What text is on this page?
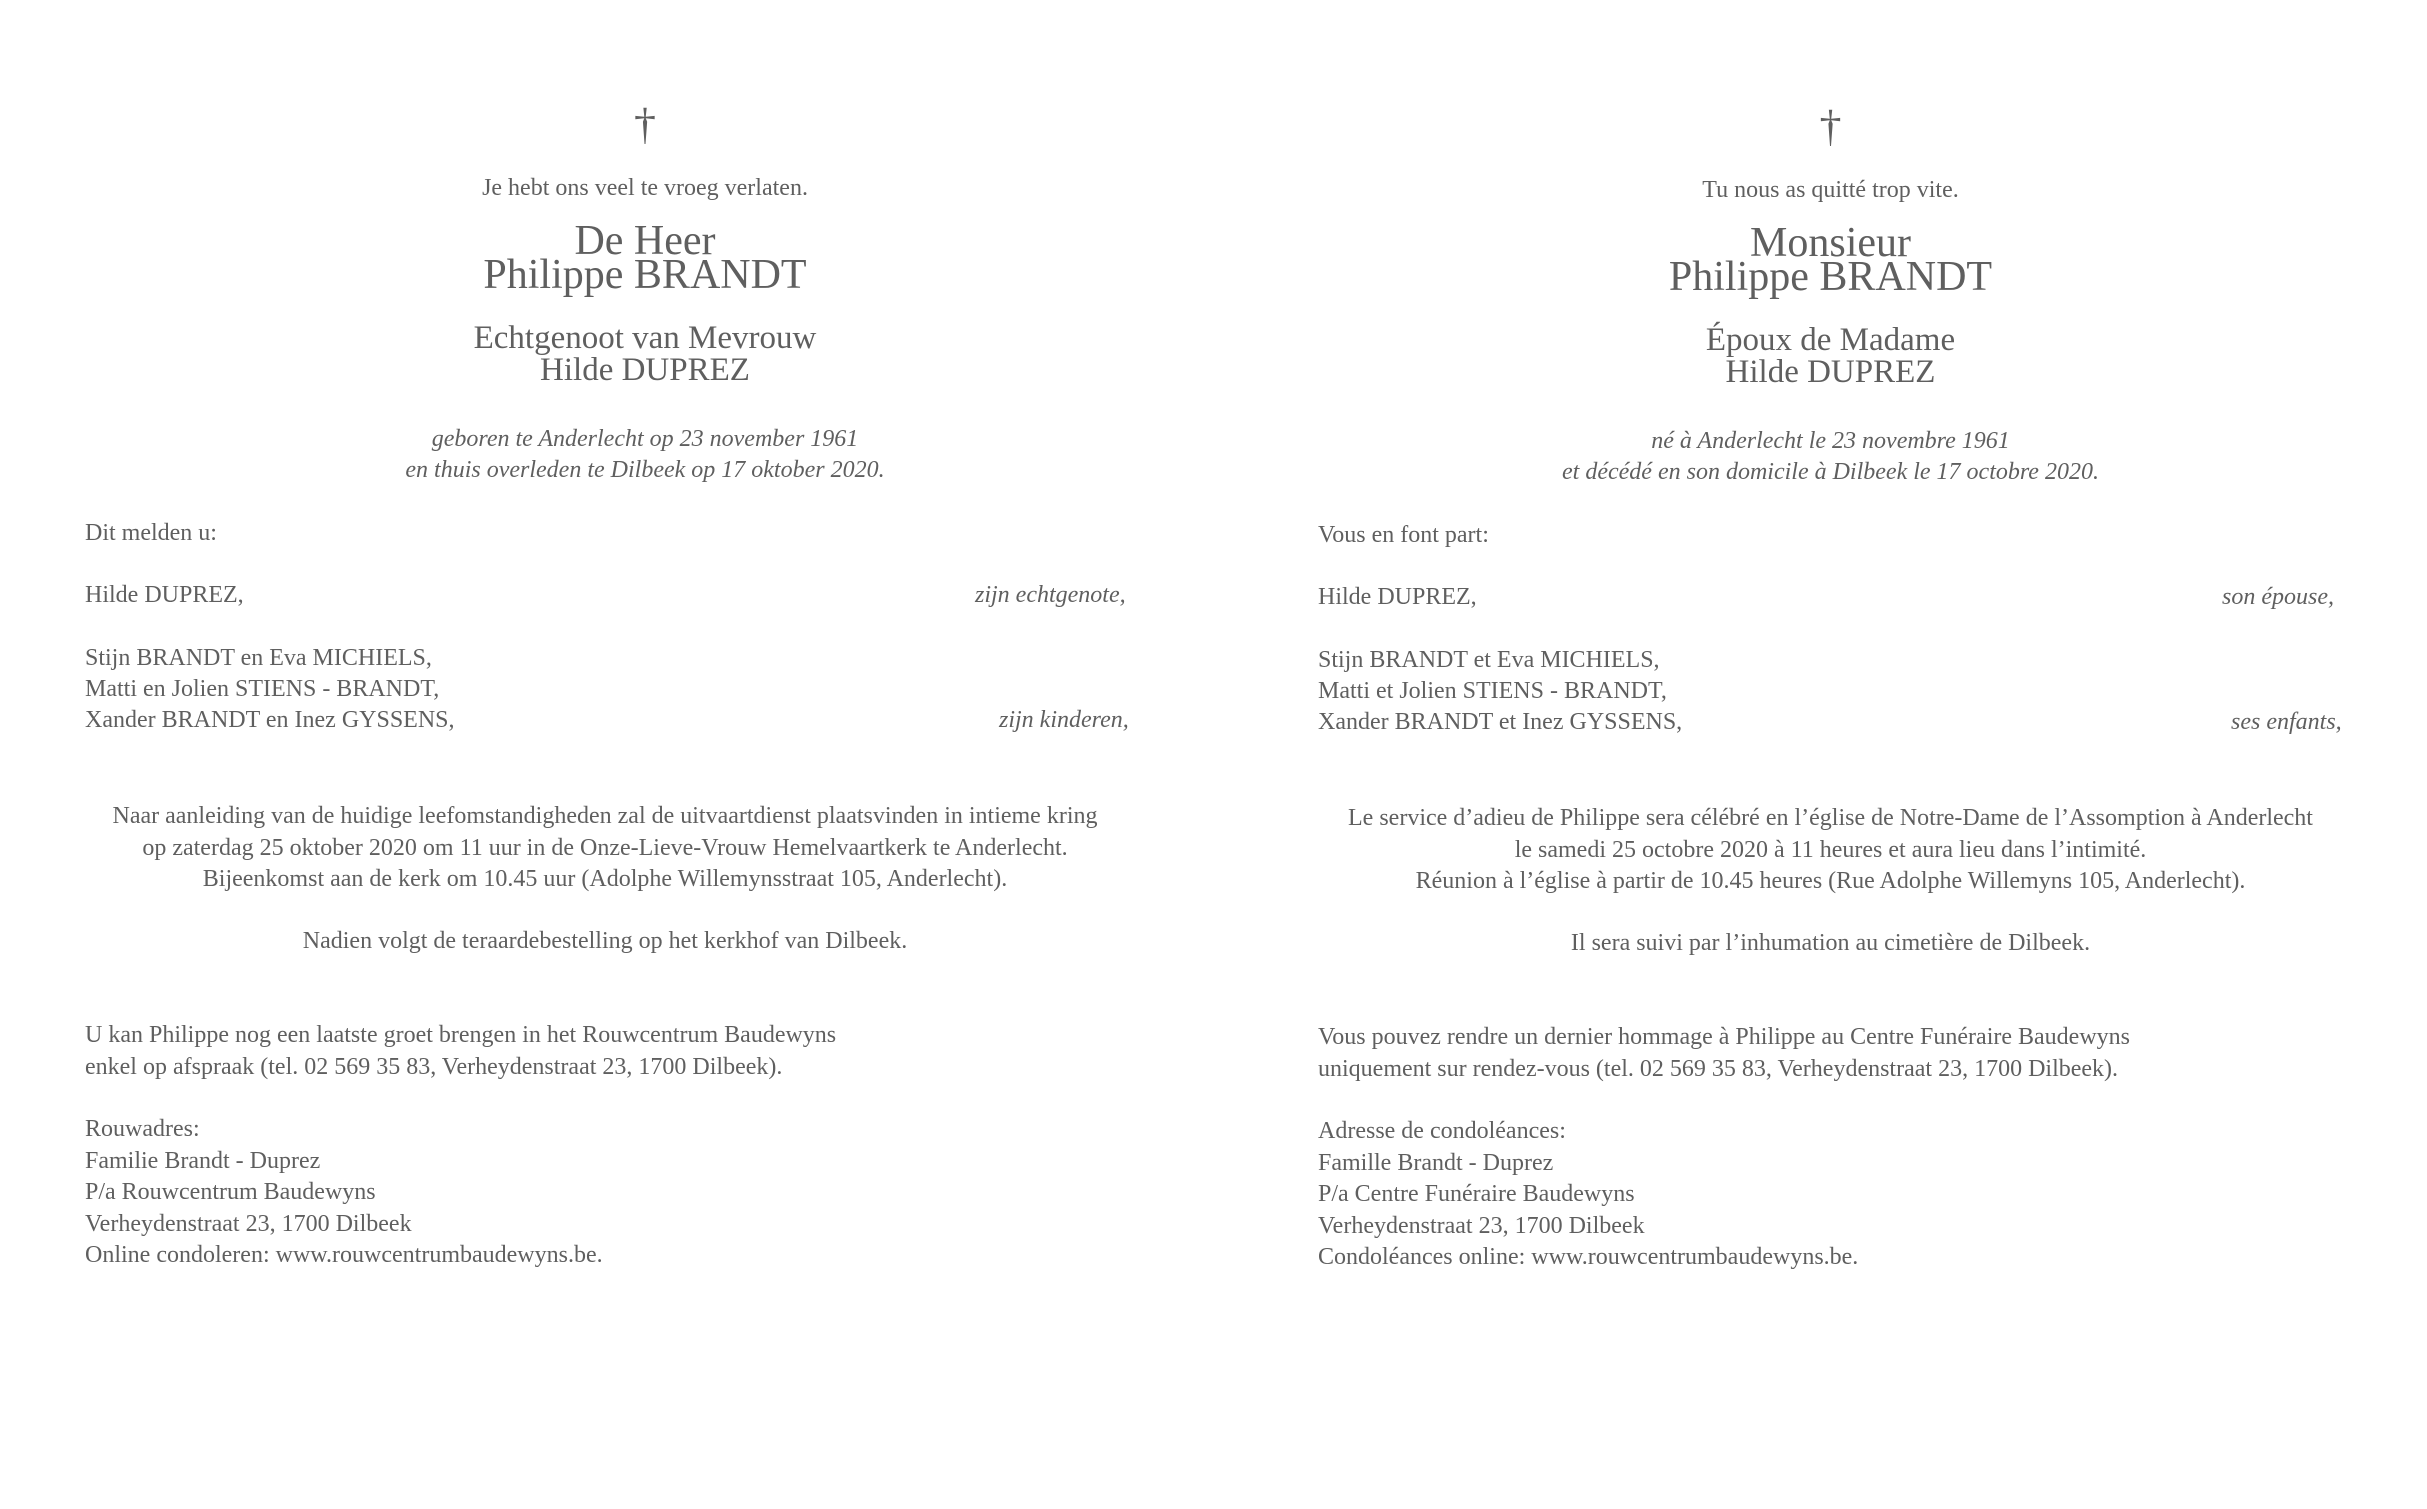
†
Je hebt ons veel te vroeg verlaten.
De Heer
Philippe BRANDT
Echtgenoot van Mevrouw
Hilde DUPREZ
geboren te Anderlecht op 23 november 1961
en thuis overleden te Dilbeek op 17 oktober 2020.
Dit melden u:
Hilde DUPREZ,	zijn echtgenote,
Stijn BRANDT en Eva MICHIELS,
Matti en Jolien STIENS - BRANDT,
Xander BRANDT en Inez GYSSENS,	zijn kinderen,
Naar aanleiding van de huidige leefomstandigheden zal de uitvaartdienst plaatsvinden in intieme kring
op zaterdag 25 oktober 2020 om 11 uur in de Onze-Lieve-Vrouw Hemelvaartkerk te Anderlecht.
Bijeenkomst aan de kerk om 10.45 uur (Adolphe Willemynsstraat 105, Anderlecht).
Nadien volgt de teraardebestelling op het kerkhof van Dilbeek.
U kan Philippe nog een laatste groet brengen in het Rouwcentrum Baudewyns
enkel op afspraak (tel. 02 569 35 83, Verheydenstraat 23, 1700 Dilbeek).
Rouwadres:
Familie Brandt - Duprez
P/a Rouwcentrum Baudewyns
Verheydenstraat 23, 1700 Dilbeek
Online condoleren: www.rouwcentrumbaudewyns.be.
†
Tu nous as quitté trop vite.
Monsieur
Philippe BRANDT
Époux de Madame
Hilde DUPREZ
né à Anderlecht le 23 novembre 1961
et décédé en son domicile à Dilbeek le 17 octobre 2020.
Vous en font part:
Hilde DUPREZ,	son épouse,
Stijn BRANDT et Eva MICHIELS,
Matti et Jolien STIENS - BRANDT,
Xander BRANDT et Inez GYSSENS,	ses enfants,
Le service d’adieu de Philippe sera célébré en l’église de Notre-Dame de l’Assomption à Anderlecht
le samedi 25 octobre 2020 à 11 heures et aura lieu dans l’intimité.
Réunion à l’église à partir de 10.45 heures (Rue Adolphe Willemyns 105, Anderlecht).
Il sera suivi par l’inhumation au cimetière de Dilbeek.
Vous pouvez rendre un dernier hommage à Philippe au Centre Funéraire Baudewyns
uniquement sur rendez-vous (tel. 02 569 35 83, Verheydenstraat 23, 1700 Dilbeek).
Adresse de condoléances:
Famille Brandt - Duprez
P/a Centre Funéraire Baudewyns
Verheydenstraat 23, 1700 Dilbeek
Condoléances online: www.rouwcentrumbaudewyns.be.
